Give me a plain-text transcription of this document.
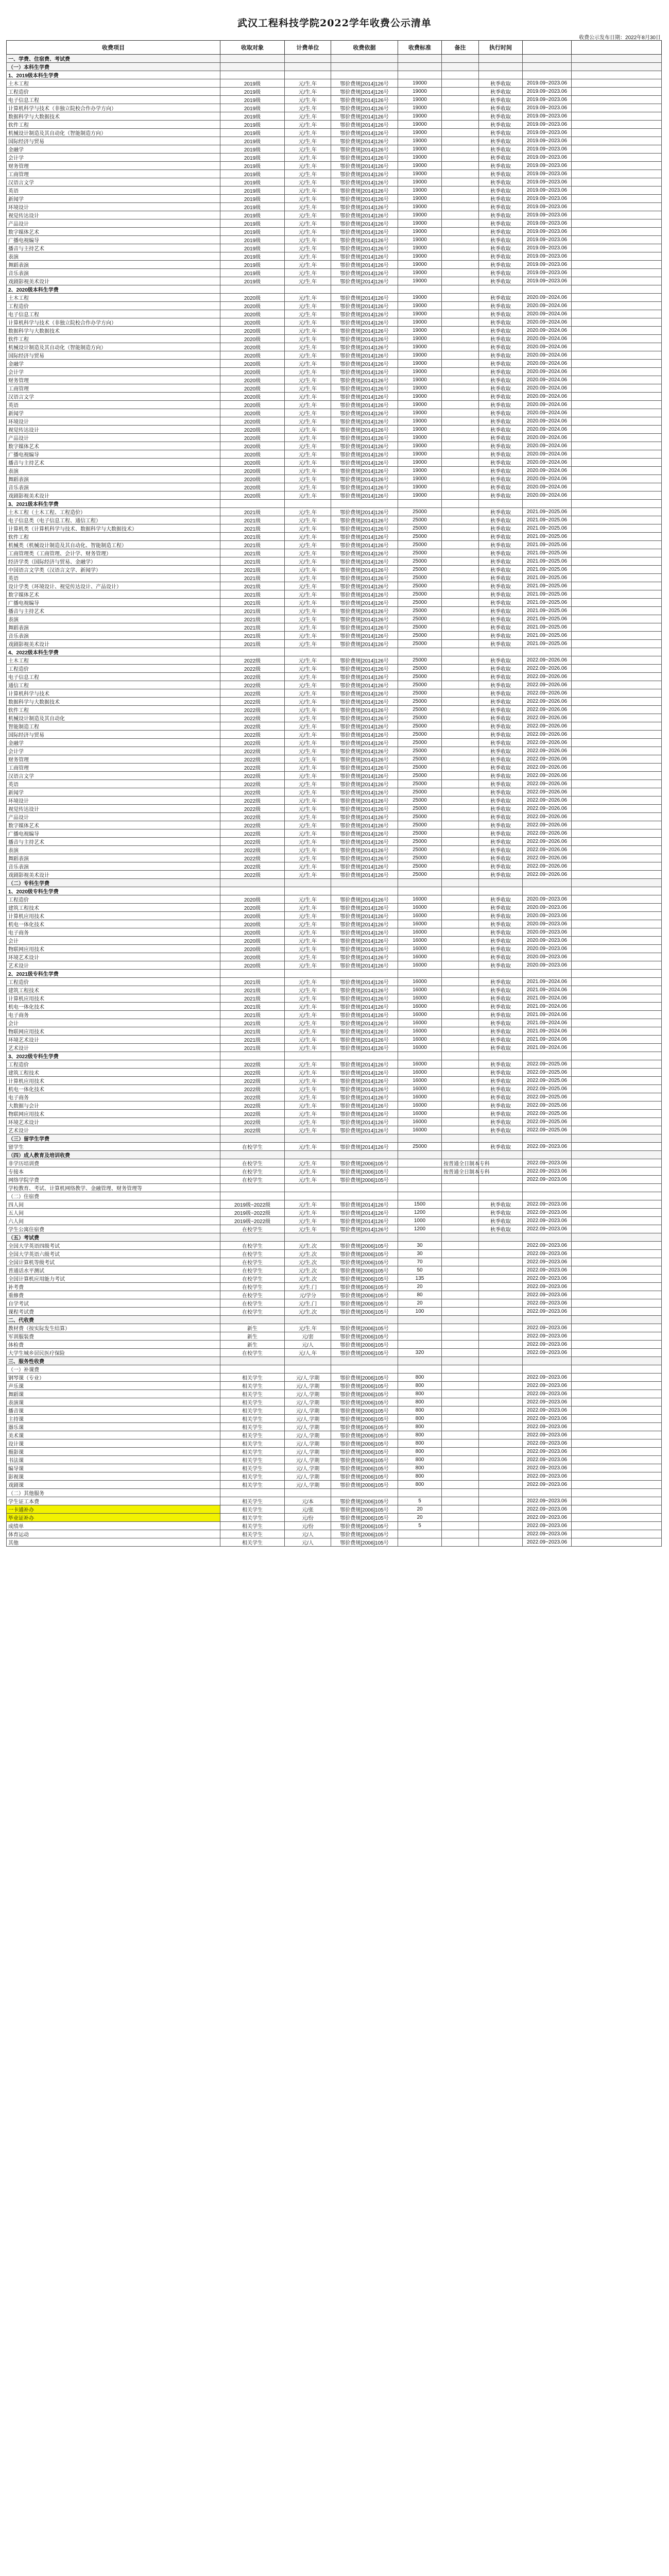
武汉工程科技学院2022学年收费公示清单
收费公示发布日期：2022年8月30日
收费项目	收取对象	计费单位	收费依据	收费标准	备注	执行时间		
一、学费、住宿费、考试费								
（一）本科生学费								
1、2019级本科生学费								
土木工程	2019级	元/生.年	鄂价费规[2014]126号	19000		秋季收取	2019.09~2023.06	
工程造价	2019级	元/生.年	鄂价费规[2014]126号	19000		秋季收取	2019.09~2023.06	
电子信息工程	2019级	元/生.年	鄂价费规[2014]126号	19000		秋季收取	2019.09~2023.06	
计算机科学与技术（非独立院校合作办学方向）	2019级	元/生.年	鄂价费规[2014]126号	19000		秋季收取	2019.09~2023.06	
数据科学与大数据技术	2019级	元/生.年	鄂价费规[2014]126号	19000		秋季收取	2019.09~2023.06	
软件工程	2019级	元/生.年	鄂价费规[2014]126号	19000		秋季收取	2019.09~2023.06	
机械设计制造及其自动化（智能制造方向）	2019级	元/生.年	鄂价费规[2014]126号	19000		秋季收取	2019.09~2023.06	
国际经济与贸易	2019级	元/生.年	鄂价费规[2014]126号	19000		秋季收取	2019.09~2023.06	
金融学	2019级	元/生.年	鄂价费规[2014]126号	19000		秋季收取	2019.09~2023.06	
会计学	2019级	元/生.年	鄂价费规[2014]126号	19000		秋季收取	2019.09~2023.06	
财务管理	2019级	元/生.年	鄂价费规[2014]126号	19000		秋季收取	2019.09~2023.06	
工商管理	2019级	元/生.年	鄂价费规[2014]126号	19000		秋季收取	2019.09~2023.06	
汉语言文学	2019级	元/生.年	鄂价费规[2014]126号	19000		秋季收取	2019.09~2023.06	
英语	2019级	元/生.年	鄂价费规[2014]126号	19000		秋季收取	2019.09~2023.06	
新闻学	2019级	元/生.年	鄂价费规[2014]126号	19000		秋季收取	2019.09~2023.06	
环境设计	2019级	元/生.年	鄂价费规[2014]126号	19000		秋季收取	2019.09~2023.06	
视觉传达设计	2019级	元/生.年	鄂价费规[2014]126号	19000		秋季收取	2019.09~2023.06	
产品设计	2019级	元/生.年	鄂价费规[2014]126号	19000		秋季收取	2019.09~2023.06	
数字媒体艺术	2019级	元/生.年	鄂价费规[2014]126号	19000		秋季收取	2019.09~2023.06	
广播电视编导	2019级	元/生.年	鄂价费规[2014]126号	19000		秋季收取	2019.09~2023.06	
播音与主持艺术	2019级	元/生.年	鄂价费规[2014]126号	19000		秋季收取	2019.09~2023.06	
表演	2019级	元/生.年	鄂价费规[2014]126号	19000		秋季收取	2019.09~2023.06	
舞蹈表演	2019级	元/生.年	鄂价费规[2014]126号	19000		秋季收取	2019.09~2023.06	
音乐表演	2019级	元/生.年	鄂价费规[2014]126号	19000		秋季收取	2019.09~2023.06	
戏剧影视美术设计	2019级	元/生.年	鄂价费规[2014]126号	19000		秋季收取	2019.09~2023.06	
2、2020级本科生学费								
土木工程	2020级	元/生.年	鄂价费规[2014]126号	19000		秋季收取	2020.09~2024.06	
工程造价	2020级	元/生.年	鄂价费规[2014]126号	19000		秋季收取	2020.09~2024.06	
电子信息工程	2020级	元/生.年	鄂价费规[2014]126号	19000		秋季收取	2020.09~2024.06	
计算机科学与技术（非独立院校合作办学方向）	2020级	元/生.年	鄂价费规[2014]126号	19000		秋季收取	2020.09~2024.06	
数据科学与大数据技术	2020级	元/生.年	鄂价费规[2014]126号	19000		秋季收取	2020.09~2024.06	
软件工程	2020级	元/生.年	鄂价费规[2014]126号	19000		秋季收取	2020.09~2024.06	
机械设计制造及其自动化（智能制造方向）	2020级	元/生.年	鄂价费规[2014]126号	19000		秋季收取	2020.09~2024.06	
国际经济与贸易	2020级	元/生.年	鄂价费规[2014]126号	19000		秋季收取	2020.09~2024.06	
金融学	2020级	元/生.年	鄂价费规[2014]126号	19000		秋季收取	2020.09~2024.06	
会计学	2020级	元/生.年	鄂价费规[2014]126号	19000		秋季收取	2020.09~2024.06	
财务管理	2020级	元/生.年	鄂价费规[2014]126号	19000		秋季收取	2020.09~2024.06	
工商管理	2020级	元/生.年	鄂价费规[2014]126号	19000		秋季收取	2020.09~2024.06	
汉语言文学	2020级	元/生.年	鄂价费规[2014]126号	19000		秋季收取	2020.09~2024.06	
英语	2020级	元/生.年	鄂价费规[2014]126号	19000		秋季收取	2020.09~2024.06	
新闻学	2020级	元/生.年	鄂价费规[2014]126号	19000		秋季收取	2020.09~2024.06	
环境设计	2020级	元/生.年	鄂价费规[2014]126号	19000		秋季收取	2020.09~2024.06	
视觉传达设计	2020级	元/生.年	鄂价费规[2014]126号	19000		秋季收取	2020.09~2024.06	
产品设计	2020级	元/生.年	鄂价费规[2014]126号	19000		秋季收取	2020.09~2024.06	
数字媒体艺术	2020级	元/生.年	鄂价费规[2014]126号	19000		秋季收取	2020.09~2024.06	
广播电视编导	2020级	元/生.年	鄂价费规[2014]126号	19000		秋季收取	2020.09~2024.06	
播音与主持艺术	2020级	元/生.年	鄂价费规[2014]126号	19000		秋季收取	2020.09~2024.06	
表演	2020级	元/生.年	鄂价费规[2014]126号	19000		秋季收取	2020.09~2024.06	
舞蹈表演	2020级	元/生.年	鄂价费规[2014]126号	19000		秋季收取	2020.09~2024.06	
音乐表演	2020级	元/生.年	鄂价费规[2014]126号	19000		秋季收取	2020.09~2024.06	
戏剧影视美术设计	2020级	元/生.年	鄂价费规[2014]126号	19000		秋季收取	2020.09~2024.06	
3、2021级本科生学费								
土木工程（土木工程、工程造价）	2021级	元/生.年	鄂价费规[2014]126号	25000		秋季收取	2021.09~2025.06	
电子信息类（电子信息工程、通信工程）	2021级	元/生.年	鄂价费规[2014]126号	25000		秋季收取	2021.09~2025.06	
计算机类（计算机科学与技术、数据科学与大数据技术）	2021级	元/生.年	鄂价费规[2014]126号	25000		秋季收取	2021.09~2025.06	
软件工程	2021级	元/生.年	鄂价费规[2014]126号	25000		秋季收取	2021.09~2025.06	
机械类（机械设计制造及其自动化、智能制造工程）	2021级	元/生.年	鄂价费规[2014]126号	25000		秋季收取	2021.09~2025.06	
工商管理类（工商管理、会计学、财务管理）	2021级	元/生.年	鄂价费规[2014]126号	25000		秋季收取	2021.09~2025.06	
经济学类（国际经济与贸易、金融学）	2021级	元/生.年	鄂价费规[2014]126号	25000		秋季收取	2021.09~2025.06	
中国语言文学类（汉语言文学、新闻学）	2021级	元/生.年	鄂价费规[2014]126号	25000		秋季收取	2021.09~2025.06	
英语	2021级	元/生.年	鄂价费规[2014]126号	25000		秋季收取	2021.09~2025.06	
设计学类（环境设计、视觉传达设计、产品设计）	2021级	元/生.年	鄂价费规[2014]126号	25000		秋季收取	2021.09~2025.06	
数字媒体艺术	2021级	元/生.年	鄂价费规[2014]126号	25000		秋季收取	2021.09~2025.06	
广播电视编导	2021级	元/生.年	鄂价费规[2014]126号	25000		秋季收取	2021.09~2025.06	
播音与主持艺术	2021级	元/生.年	鄂价费规[2014]126号	25000		秋季收取	2021.09~2025.06	
表演	2021级	元/生.年	鄂价费规[2014]126号	25000		秋季收取	2021.09~2025.06	
舞蹈表演	2021级	元/生.年	鄂价费规[2014]126号	25000		秋季收取	2021.09~2025.06	
音乐表演	2021级	元/生.年	鄂价费规[2014]126号	25000		秋季收取	2021.09~2025.06	
戏剧影视美术设计	2021级	元/生.年	鄂价费规[2014]126号	25000		秋季收取	2021.09~2025.06	
4、2022级本科生学费								
土木工程	2022级	元/生.年	鄂价费规[2014]126号	25000		秋季收取	2022.09~2026.06	
工程造价	2022级	元/生.年	鄂价费规[2014]126号	25000		秋季收取	2022.09~2026.06	
电子信息工程	2022级	元/生.年	鄂价费规[2014]126号	25000		秋季收取	2022.09~2026.06	
通信工程	2022级	元/生.年	鄂价费规[2014]126号	25000		秋季收取	2022.09~2026.06	
计算机科学与技术	2022级	元/生.年	鄂价费规[2014]126号	25000		秋季收取	2022.09~2026.06	
数据科学与大数据技术	2022级	元/生.年	鄂价费规[2014]126号	25000		秋季收取	2022.09~2026.06	
软件工程	2022级	元/生.年	鄂价费规[2014]126号	25000		秋季收取	2022.09~2026.06	
机械设计制造及其自动化	2022级	元/生.年	鄂价费规[2014]126号	25000		秋季收取	2022.09~2026.06	
智能制造工程	2022级	元/生.年	鄂价费规[2014]126号	25000		秋季收取	2022.09~2026.06	
国际经济与贸易	2022级	元/生.年	鄂价费规[2014]126号	25000		秋季收取	2022.09~2026.06	
金融学	2022级	元/生.年	鄂价费规[2014]126号	25000		秋季收取	2022.09~2026.06	
会计学	2022级	元/生.年	鄂价费规[2014]126号	25000		秋季收取	2022.09~2026.06	
财务管理	2022级	元/生.年	鄂价费规[2014]126号	25000		秋季收取	2022.09~2026.06	
工商管理	2022级	元/生.年	鄂价费规[2014]126号	25000		秋季收取	2022.09~2026.06	
汉语言文学	2022级	元/生.年	鄂价费规[2014]126号	25000		秋季收取	2022.09~2026.06	
英语	2022级	元/生.年	鄂价费规[2014]126号	25000		秋季收取	2022.09~2026.06	
新闻学	2022级	元/生.年	鄂价费规[2014]126号	25000		秋季收取	2022.09~2026.06	
环境设计	2022级	元/生.年	鄂价费规[2014]126号	25000		秋季收取	2022.09~2026.06	
视觉传达设计	2022级	元/生.年	鄂价费规[2014]126号	25000		秋季收取	2022.09~2026.06	
产品设计	2022级	元/生.年	鄂价费规[2014]126号	25000		秋季收取	2022.09~2026.06	
数字媒体艺术	2022级	元/生.年	鄂价费规[2014]126号	25000		秋季收取	2022.09~2026.06	
广播电视编导	2022级	元/生.年	鄂价费规[2014]126号	25000		秋季收取	2022.09~2026.06	
播音与主持艺术	2022级	元/生.年	鄂价费规[2014]126号	25000		秋季收取	2022.09~2026.06	
表演	2022级	元/生.年	鄂价费规[2014]126号	25000		秋季收取	2022.09~2026.06	
舞蹈表演	2022级	元/生.年	鄂价费规[2014]126号	25000		秋季收取	2022.09~2026.06	
音乐表演	2022级	元/生.年	鄂价费规[2014]126号	25000		秋季收取	2022.09~2026.06	
戏剧影视美术设计	2022级	元/生.年	鄂价费规[2014]126号	25000		秋季收取	2022.09~2026.06	
（二）专科生学费								
1、2020级专科生学费								
工程造价	2020级	元/生.年	鄂价费规[2014]126号	16000		秋季收取	2020.09~2023.06	
建筑工程技术	2020级	元/生.年	鄂价费规[2014]126号	16000		秋季收取	2020.09~2023.06	
计算机应用技术	2020级	元/生.年	鄂价费规[2014]126号	16000		秋季收取	2020.09~2023.06	
机电一体化技术	2020级	元/生.年	鄂价费规[2014]126号	16000		秋季收取	2020.09~2023.06	
电子商务	2020级	元/生.年	鄂价费规[2014]126号	16000		秋季收取	2020.09~2023.06	
会计	2020级	元/生.年	鄂价费规[2014]126号	16000		秋季收取	2020.09~2023.06	
物联网应用技术	2020级	元/生.年	鄂价费规[2014]126号	16000		秋季收取	2020.09~2023.06	
环境艺术设计	2020级	元/生.年	鄂价费规[2014]126号	16000		秋季收取	2020.09~2023.06	
艺术设计	2020级	元/生.年	鄂价费规[2014]126号	16000		秋季收取	2020.09~2023.06	
2、2021级专科生学费								
工程造价	2021级	元/生.年	鄂价费规[2014]126号	16000		秋季收取	2021.09~2024.06	
建筑工程技术	2021级	元/生.年	鄂价费规[2014]126号	16000		秋季收取	2021.09~2024.06	
计算机应用技术	2021级	元/生.年	鄂价费规[2014]126号	16000		秋季收取	2021.09~2024.06	
机电一体化技术	2021级	元/生.年	鄂价费规[2014]126号	16000		秋季收取	2021.09~2024.06	
电子商务	2021级	元/生.年	鄂价费规[2014]126号	16000		秋季收取	2021.09~2024.06	
会计	2021级	元/生.年	鄂价费规[2014]126号	16000		秋季收取	2021.09~2024.06	
物联网应用技术	2021级	元/生.年	鄂价费规[2014]126号	16000		秋季收取	2021.09~2024.06	
环境艺术设计	2021级	元/生.年	鄂价费规[2014]126号	16000		秋季收取	2021.09~2024.06	
艺术设计	2021级	元/生.年	鄂价费规[2014]126号	16000		秋季收取	2021.09~2024.06	
3、2022级专科生学费								
工程造价	2022级	元/生.年	鄂价费规[2014]126号	16000		秋季收取	2022.09~2025.06	
建筑工程技术	2022级	元/生.年	鄂价费规[2014]126号	16000		秋季收取	2022.09~2025.06	
计算机应用技术	2022级	元/生.年	鄂价费规[2014]126号	16000		秋季收取	2022.09~2025.06	
机电一体化技术	2022级	元/生.年	鄂价费规[2014]126号	16000		秋季收取	2022.09~2025.06	
电子商务	2022级	元/生.年	鄂价费规[2014]126号	16000		秋季收取	2022.09~2025.06	
大数据与会计	2022级	元/生.年	鄂价费规[2014]126号	16000		秋季收取	2022.09~2025.06	
物联网应用技术	2022级	元/生.年	鄂价费规[2014]126号	16000		秋季收取	2022.09~2025.06	
环境艺术设计	2022级	元/生.年	鄂价费规[2014]126号	16000		秋季收取	2022.09~2025.06	
艺术设计	2022级	元/生.年	鄂价费规[2014]126号	16000		秋季收取	2022.09~2025.06	
（三）留学生学费								
留学生	在校学生	元/生.年	鄂价费规[2014]126号	25000		秋季收取	2022.09~2023.06	
（四）成人教育及培训收费								
非学历培训费	在校学生	元/生.年	鄂价费规[2006]105号		按普通全日制本专科		2022.09~2023.06	
专接本	在校学生	元/生.年	鄂价费规[2006]105号		按普通全日制本专科		2022.09~2023.06	
网络学院学费	在校学生	元/生.年	鄂价费规[2006]105号				2022.09~2023.06	
学校教育、考试、计算机网络教学、金融管理、财务管理等								
（二）住宿费								
四人间	2019级~2022级	元/生.年	鄂价费规[2014]126号	1500		秋季收取	2022.09~2023.06	
五人间	2019级~2022级	元/生.年	鄂价费规[2014]126号	1200		秋季收取	2022.09~2023.06	
六人间	2019级~2022级	元/生.年	鄂价费规[2014]126号	1000		秋季收取	2022.09~2023.06	
学生公寓住宿费	在校学生	元/生.年	鄂价费规[2014]126号	1200		秋季收取	2022.09~2023.06	
（五）考试费								
全国大学英语四级考试	在校学生	元/生.次	鄂价费规[2006]105号	30			2022.09~2023.06	
全国大学英语六级考试	在校学生	元/生.次	鄂价费规[2006]105号	30			2022.09~2023.06	
全国计算机等级考试	在校学生	元/生.次	鄂价费规[2006]105号	70			2022.09~2023.06	
普通话水平测试	在校学生	元/生.次	鄂价费规[2006]105号	50			2022.09~2023.06	
全国计算机应用能力考试	在校学生	元/生.次	鄂价费规[2006]105号	135			2022.09~2023.06	
补考费	在校学生	元/生.门	鄂价费规[2006]105号	20			2022.09~2023.06	
重修费	在校学生	元/学分	鄂价费规[2006]105号	80			2022.09~2023.06	
自学考试	在校学生	元/生.门	鄂价费规[2006]105号	20			2022.09~2023.06	
课程考试费	在校学生	元/生.次	鄂价费规[2006]105号	100			2022.09~2023.06	
二、代收费								
教材费（按实际发生结算）	新生	元/生.年	鄂价费规[2006]105号				2022.09~2023.06	
军训服装费	新生	元/套	鄂价费规[2006]105号				2022.09~2023.06	
体检费	新生	元/人	鄂价费规[2006]105号				2022.09~2023.06	
大学生城乡居民医疗保险	在校学生	元/人.年	鄂价费规[2006]105号	320			2022.09~2023.06	
三、服务性收费								
（一）补课费								
钢琴课（专业）	相关学生	元/人.学期	鄂价费规[2006]105号	800			2022.09~2023.06	
声乐课	相关学生	元/人.学期	鄂价费规[2006]105号	800			2022.09~2023.06	
舞蹈课	相关学生	元/人.学期	鄂价费规[2006]105号	800			2022.09~2023.06	
表演课	相关学生	元/人.学期	鄂价费规[2006]105号	800			2022.09~2023.06	
播音课	相关学生	元/人.学期	鄂价费规[2006]105号	800			2022.09~2023.06	
主持课	相关学生	元/人.学期	鄂价费规[2006]105号	800			2022.09~2023.06	
器乐课	相关学生	元/人.学期	鄂价费规[2006]105号	800			2022.09~2023.06	
美术课	相关学生	元/人.学期	鄂价费规[2006]105号	800			2022.09~2023.06	
设计课	相关学生	元/人.学期	鄂价费规[2006]105号	800			2022.09~2023.06	
摄影课	相关学生	元/人.学期	鄂价费规[2006]105号	800			2022.09~2023.06	
书法课	相关学生	元/人.学期	鄂价费规[2006]105号	800			2022.09~2023.06	
编导课	相关学生	元/人.学期	鄂价费规[2006]105号	800			2022.09~2023.06	
影视课	相关学生	元/人.学期	鄂价费规[2006]105号	800			2022.09~2023.06	
戏剧课	相关学生	元/人.学期	鄂价费规[2006]105号	800			2022.09~2023.06	
（二）其他服务								
学生证工本费	相关学生	元/本	鄂价费规[2006]105号	5			2022.09~2023.06	
一卡通补办	相关学生	元/张	鄂价费规[2006]105号	20			2022.09~2023.06	
毕业证补办	相关学生	元/份	鄂价费规[2006]105号	20			2022.09~2023.06	
成绩单	相关学生	元/份	鄂价费规[2006]105号	5			2022.09~2023.06	
体育运动	相关学生	元/人	鄂价费规[2006]105号				2022.09~2023.06	
其他	相关学生	元/人	鄂价费规[2006]105号				2022.09~2023.06	
